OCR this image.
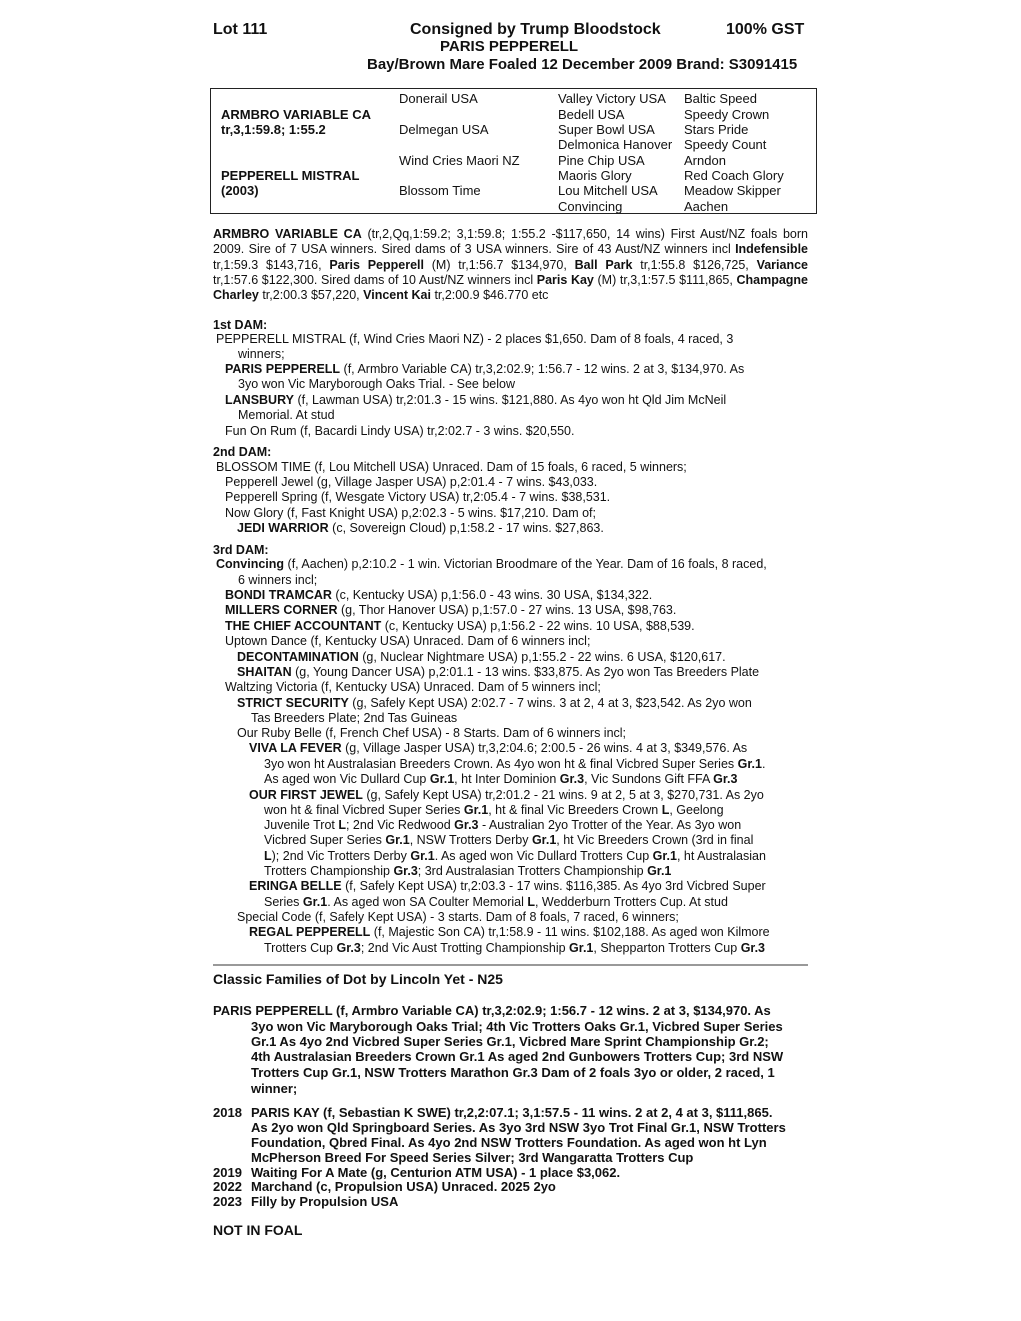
Lot 111	Consigned by Trump Bloodstock	100% GST
PARIS PEPPERELL
Bay/Brown Mare Foaled 12 December 2009 Brand: S3091415
ARMBRO VARIABLE CA
tr,3,1:59.8; 1:55.2
PEPPERELL MISTRAL
(2003)
Donerail USA
Delmegan USA
Wind Cries Maori NZ
Blossom Time
Valley Victory USA
Bedell USA
Super Bowl USA
Delmonica Hanover
Pine Chip USA
Maoris Glory
Lou Mitchell USA
Convincing
Baltic Speed
Speedy Crown
Stars Pride
Speedy Count
Arndon
Red Coach Glory
Meadow Skipper
Aachen
ARMBRO VARIABLE CA (tr,2,Qq,1:59.2; 3,1:59.8; 1:55.2 -$117,650, 14 wins) First Aust/NZ foals born 2009. Sire of 7 USA winners. Sired dams of 3 USA winners. Sire of 43 Aust/NZ winners incl Indefensible tr,1:59.3 $143,716, Paris Pepperell (M) tr,1:56.7 $134,970, Ball Park tr,1:55.8 $126,725, Variance tr,1:57.6 $122,300. Sired dams of 10 Aust/NZ winners incl Paris Kay (M) tr,3,1:57.5 $111,865, Champagne Charley tr,2:00.3 $57,220, Vincent Kai tr,2:00.9 $46.770 etc
1st DAM:
PEPPERELL MISTRAL (f, Wind Cries Maori NZ) - 2 places $1,650. Dam of 8 foals, 4 raced, 3
winners;
PARIS PEPPERELL (f, Armbro Variable CA) tr,3,2:02.9; 1:56.7 - 12 wins. 2 at 3, $134,970. As
3yo won Vic Maryborough Oaks Trial. - See below
LANSBURY (f, Lawman USA) tr,2:01.3 - 15 wins. $121,880. As 4yo won ht Qld Jim McNeil
Memorial. At stud
Fun On Rum (f, Bacardi Lindy USA) tr,2:02.7 - 3 wins. $20,550.
2nd DAM:
BLOSSOM TIME (f, Lou Mitchell USA) Unraced. Dam of 15 foals, 6 raced, 5 winners;
Pepperell Jewel (g, Village Jasper USA) p,2:01.4 - 7 wins. $43,033.
Pepperell Spring (f, Wesgate Victory USA) tr,2:05.4 - 7 wins. $38,531.
Now Glory (f, Fast Knight USA) p,2:02.3 - 5 wins. $17,210. Dam of;
JEDI WARRIOR (c, Sovereign Cloud) p,1:58.2 - 17 wins. $27,863.
3rd DAM:
Convincing (f, Aachen) p,2:10.2 - 1 win. Victorian Broodmare of the Year. Dam of 16 foals, 8 raced,
6 winners incl;
BONDI TRAMCAR (c, Kentucky USA) p,1:56.0 - 43 wins. 30 USA, $134,322.
MILLERS CORNER (g, Thor Hanover USA) p,1:57.0 - 27 wins. 13 USA, $98,763.
THE CHIEF ACCOUNTANT (c, Kentucky USA) p,1:56.2 - 22 wins. 10 USA, $88,539.
Uptown Dance (f, Kentucky USA) Unraced. Dam of 6 winners incl;
DECONTAMINATION (g, Nuclear Nightmare USA) p,1:55.2 - 22 wins. 6 USA, $120,617.
SHAITAN (g, Young Dancer USA) p,2:01.1 - 13 wins. $33,875. As 2yo won Tas Breeders Plate
Waltzing Victoria (f, Kentucky USA) Unraced. Dam of 5 winners incl;
STRICT SECURITY (g, Safely Kept USA) 2:02.7 - 7 wins. 3 at 2, 4 at 3, $23,542. As 2yo won
Tas Breeders Plate; 2nd Tas Guineas
Our Ruby Belle (f, French Chef USA) - 8 Starts. Dam of 6 winners incl;
VIVA LA FEVER (g, Village Jasper USA) tr,3,2:04.6; 2:00.5 - 26 wins. 4 at 3, $349,576. As
3yo won ht Australasian Breeders Crown. As 4yo won ht & final Vicbred Super Series Gr.1.
As aged won Vic Dullard Cup Gr.1, ht Inter Dominion Gr.3, Vic Sundons Gift FFA Gr.3
OUR FIRST JEWEL (g, Safely Kept USA) tr,2:01.2 - 21 wins. 9 at 2, 5 at 3, $270,731. As 2yo
won ht & final Vicbred Super Series Gr.1, ht & final Vic Breeders Crown L, Geelong
Juvenile Trot L; 2nd Vic Redwood Gr.3 - Australian 2yo Trotter of the Year. As 3yo won
Vicbred Super Series Gr.1, NSW Trotters Derby Gr.1, ht Vic Breeders Crown (3rd in final
L); 2nd Vic Trotters Derby Gr.1. As aged won Vic Dullard Trotters Cup Gr.1, ht Australasian
Trotters Championship Gr.3; 3rd Australasian Trotters Championship Gr.1
ERINGA BELLE (f, Safely Kept USA) tr,2:03.3 - 17 wins. $116,385. As 4yo 3rd Vicbred Super
Series Gr.1. As aged won SA Coulter Memorial L, Wedderburn Trotters Cup. At stud
Special Code (f, Safely Kept USA) - 3 starts. Dam of 8 foals, 7 raced, 6 winners;
REGAL PEPPERELL (f, Majestic Son CA) tr,1:58.9 - 11 wins. $102,188. As aged won Kilmore
Trotters Cup Gr.3; 2nd Vic Aust Trotting Championship Gr.1, Shepparton Trotters Cup Gr.3
Classic Families of Dot by Lincoln Yet - N25
PARIS PEPPERELL (f, Armbro Variable CA) tr,3,2:02.9; 1:56.7 - 12 wins. 2 at 3, $134,970. As
3yo won Vic Maryborough Oaks Trial; 4th Vic Trotters Oaks Gr.1, Vicbred Super Series
Gr.1 As 4yo 2nd Vicbred Super Series Gr.1, Vicbred Mare Sprint Championship Gr.2;
4th Australasian Breeders Crown Gr.1 As aged 2nd Gunbowers Trotters Cup; 3rd NSW
Trotters Cup Gr.1, NSW Trotters Marathon Gr.3 Dam of 2 foals 3yo or older, 2 raced, 1
winner;
2018 PARIS KAY (f, Sebastian K SWE) tr,2,2:07.1; 3,1:57.5 - 11 wins. 2 at 2, 4 at 3, $111,865.
As 2yo won Qld Springboard Series. As 3yo 3rd NSW 3yo Trot Final Gr.1, NSW Trotters
Foundation, Qbred Final. As 4yo 2nd NSW Trotters Foundation. As aged won ht Lyn
McPherson Breed For Speed Series Silver; 3rd Wangaratta Trotters Cup
2019 Waiting For A Mate (g, Centurion ATM USA) - 1 place $3,062.
2022 Marchand (c, Propulsion USA) Unraced. 2025 2yo
2023 Filly by Propulsion USA
NOT IN FOAL
